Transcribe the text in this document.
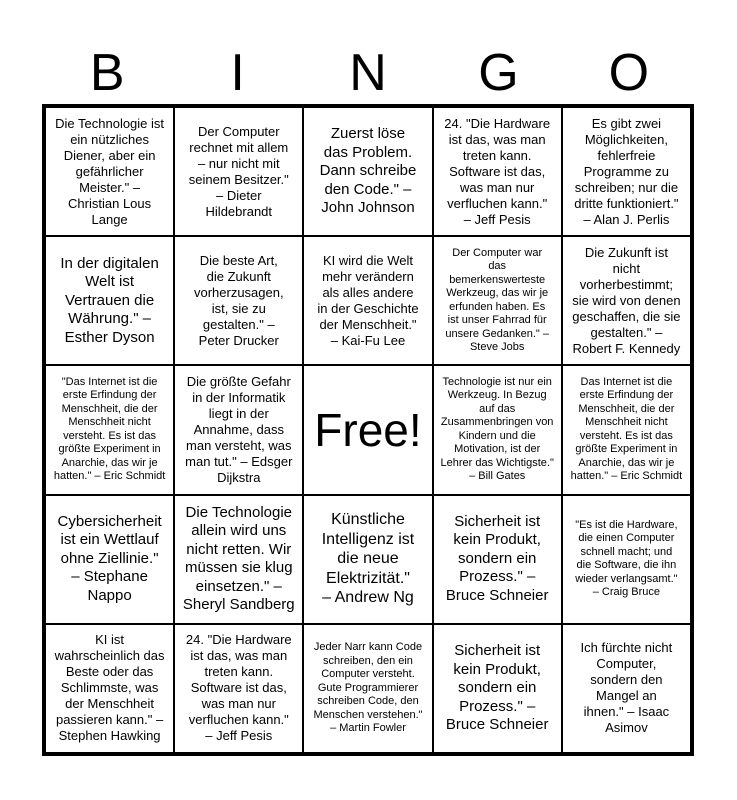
B	I	N	G	O
Die Technologie ist
ein nützliches
Diener, aber ein
gefährlicher
Meister." –
Christian Lous
Lange
Der Computer
rechnet mit allem
– nur nicht mit
seinem Besitzer."
– Dieter
Hildebrandt
Zuerst löse
das Problem.
Dann schreibe
den Code." –
John Johnson
24. "Die Hardware
ist das, was man
treten kann.
Software ist das,
was man nur
verfluchen kann."
– Jeff Pesis
Es gibt zwei
Möglichkeiten,
fehlerfreie
Programme zu
schreiben; nur die
dritte funktioniert."
– Alan J. Perlis
In der digitalen
Welt ist
Vertrauen die
Währung." –
Esther Dyson
Die beste Art,
die Zukunft
vorherzusagen,
ist, sie zu
gestalten." –
Peter Drucker
KI wird die Welt
mehr verändern
als alles andere
in der Geschichte
der Menschheit."
– Kai-Fu Lee
Der Computer war
das
bemerkenswerteste
Werkzeug, das wir je
erfunden haben. Es
ist unser Fahrrad für
unsere Gedanken." –
Steve Jobs
Die Zukunft ist
nicht
vorherbestimmt;
sie wird von denen
geschaffen, die sie
gestalten." –
Robert F. Kennedy
"Das Internet ist die
erste Erfindung der
Menschheit, die der
Menschheit nicht
versteht. Es ist das
größte Experiment in
Anarchie, das wir je
hatten." – Eric Schmidt
Die größte Gefahr
in der Informatik
liegt in der
Annahme, dass
man versteht, was
man tut." – Edsger
Dijkstra
Free!
Technologie ist nur ein
Werkzeug. In Bezug
auf das
Zusammenbringen von
Kindern und die
Motivation, ist der
Lehrer das Wichtigste."
– Bill Gates
Das Internet ist die
erste Erfindung der
Menschheit, die der
Menschheit nicht
versteht. Es ist das
größte Experiment in
Anarchie, das wir je
hatten." – Eric Schmidt
Cybersicherheit
ist ein Wettlauf
ohne Ziellinie."
– Stephane
Nappo
Die Technologie
allein wird uns
nicht retten. Wir
müssen sie klug
einsetzen." –
Sheryl Sandberg
Künstliche
Intelligenz ist
die neue
Elektrizität."
– Andrew Ng
Sicherheit ist
kein Produkt,
sondern ein
Prozess." –
Bruce Schneier
"Es ist die Hardware,
die einen Computer
schnell macht; und
die Software, die ihn
wieder verlangsamt."
– Craig Bruce
KI ist
wahrscheinlich das
Beste oder das
Schlimmste, was
der Menschheit
passieren kann." –
Stephen Hawking
24. "Die Hardware
ist das, was man
treten kann.
Software ist das,
was man nur
verfluchen kann."
– Jeff Pesis
Jeder Narr kann Code
schreiben, den ein
Computer versteht.
Gute Programmierer
schreiben Code, den
Menschen verstehen."
– Martin Fowler
Sicherheit ist
kein Produkt,
sondern ein
Prozess." –
Bruce Schneier
Ich fürchte nicht
Computer,
sondern den
Mangel an
ihnen." – Isaac
Asimov
